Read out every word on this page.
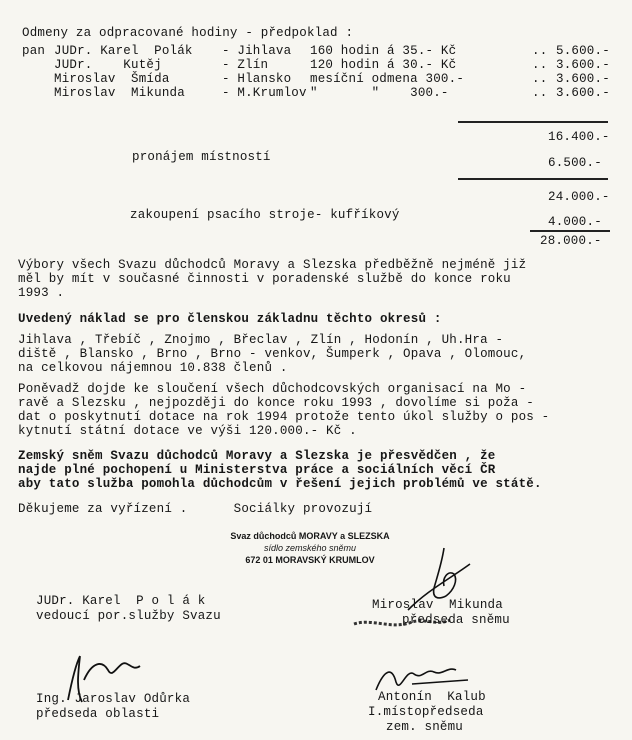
Odmeny za odpracované hodiny - předpoklad :
pan JUDr. Karel  Polák - Jihlava 160 hodin á 35.- Kč	.. 5.600.-
JUDr.    Kutěj	- Zlín	120 hodin á 30.- Kč	.. 3.600.-
Miroslav  Šmída	- Hlansko mesíční odmena 300.-	.. 3.600.-
Miroslav  Mikunda	- M.Krumlov "       "    300.-	.. 3.600.-
16.400.-
pronájem místností	6.500.-
24.000.-
zakoupení psacího stroje- kufříkový	4.000.-
28.000.-
Výbory všech Svazu důchodců Moravy a Slezska předběžně nejméně již
měl by mít v současné činnosti v poradenské službě do konce roku
1993 .
Uvedený náklad se pro členskou základnu těchto okresů :
Jihlava , Třebíč , Znojmo , Břeclav , Zlín , Hodonín , Uh.Hra -
diště , Blansko , Brno , Brno - venkov, Šumperk , Opava , Olomouc,
na celkovou nájemnou 10.838 členů .
Poněvadž dojde ke sloučení všech důchodcovských organisací na Mo -
ravě a Slezsku , nejpozději do konce roku 1993 , dovolíme si poža -
dat o poskytnutí dotace na rok 1994 protože tento úkol služby o pos -
kytnutí státní dotace ve výši 120.000.- Kč .
Zemský sněm Svazu důchodců Moravy a Slezska je přesvědčen , že
najde plné pochopení u Ministerstva práce a sociálních věcí ČR
aby tato služba pomohla důchodcům v řešení jejich problémů ve státě.
Děkujeme za vyřízení .      Sociálky provozují
Svaz důchodců MORAVY a SLEZSKA
sídlo zemského sněmu
672 01 MORAVSKÝ KRUMLOV
JUDr. Karel  P o l á k
vedoucí por.služby Svazu
Miroslav  Mikunda
předseda sněmu
Ing. Jaroslav Odůrka
předseda oblasti
Antonín  Kalub
I.místopředseda
zem. sněmu
